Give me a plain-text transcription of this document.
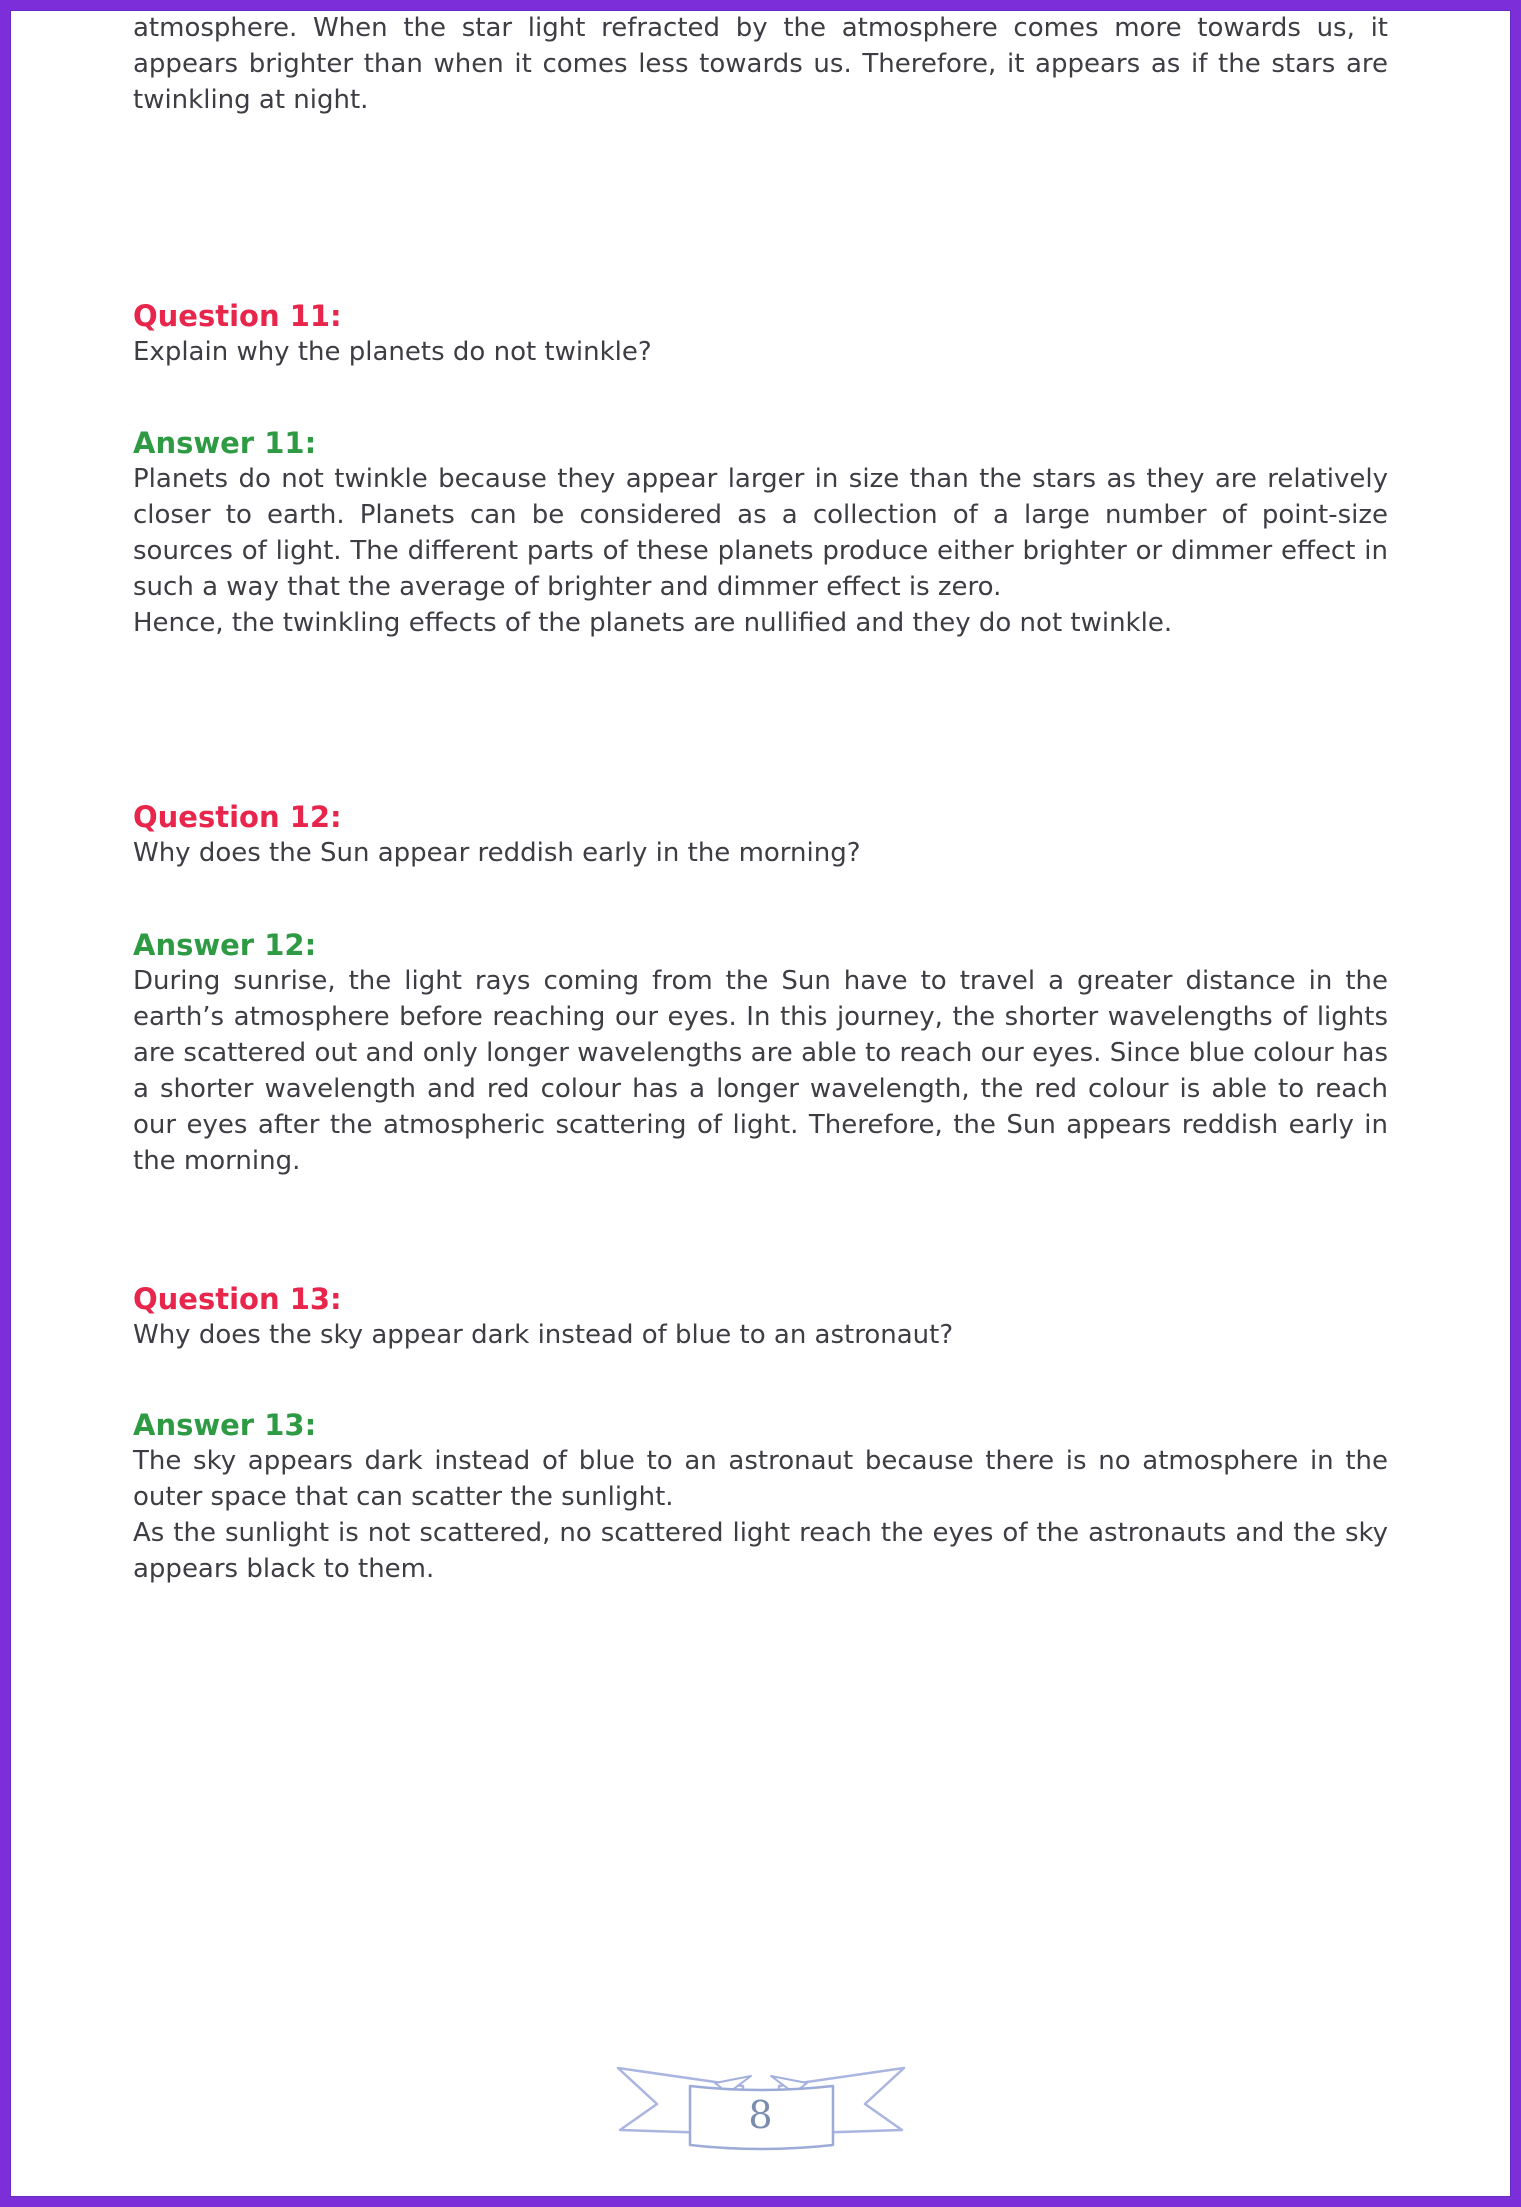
atmosphere. When the star light refracted by the atmosphere comes more towards us, it appears brighter than when it comes less towards us. Therefore, it appears as if the stars are twinkling at night.

Question 11:
Explain why the planets do not twinkle?
Answer 11:

Planets do not twinkle because they appear larger in size than the stars as they are relatively closer to earth. Planets can be considered as a collection of a large number of point-size sources of light. The different parts of these planets produce either brighter or dimmer effect in such a way that the average of brighter and dimmer effect is zero.

Hence, the twinkling effects of the planets are nullified and they do not twinkle.

Question 12:
Why does the Sun appear reddish early in the morning?
Answer 12:

During sunrise, the light rays coming from the Sun have to travel a greater distance in the earth’s atmosphere before reaching our eyes. In this journey, the shorter wavelengths of lights are scattered out and only longer wavelengths are able to reach our eyes. Since blue colour has a shorter wavelength and red colour has a longer wavelength, the red colour is able to reach our eyes after the atmospheric scattering of light. Therefore, the Sun appears reddish early in the morning.

Question 13:
Why does the sky appear dark instead of blue to an astronaut?
Answer 13:

The sky appears dark instead of blue to an astronaut because there is no atmosphere in the outer space that can scatter the sunlight.

As the sunlight is not scattered, no scattered light reach the eyes of the astronauts and the sky appears black to them.

8
